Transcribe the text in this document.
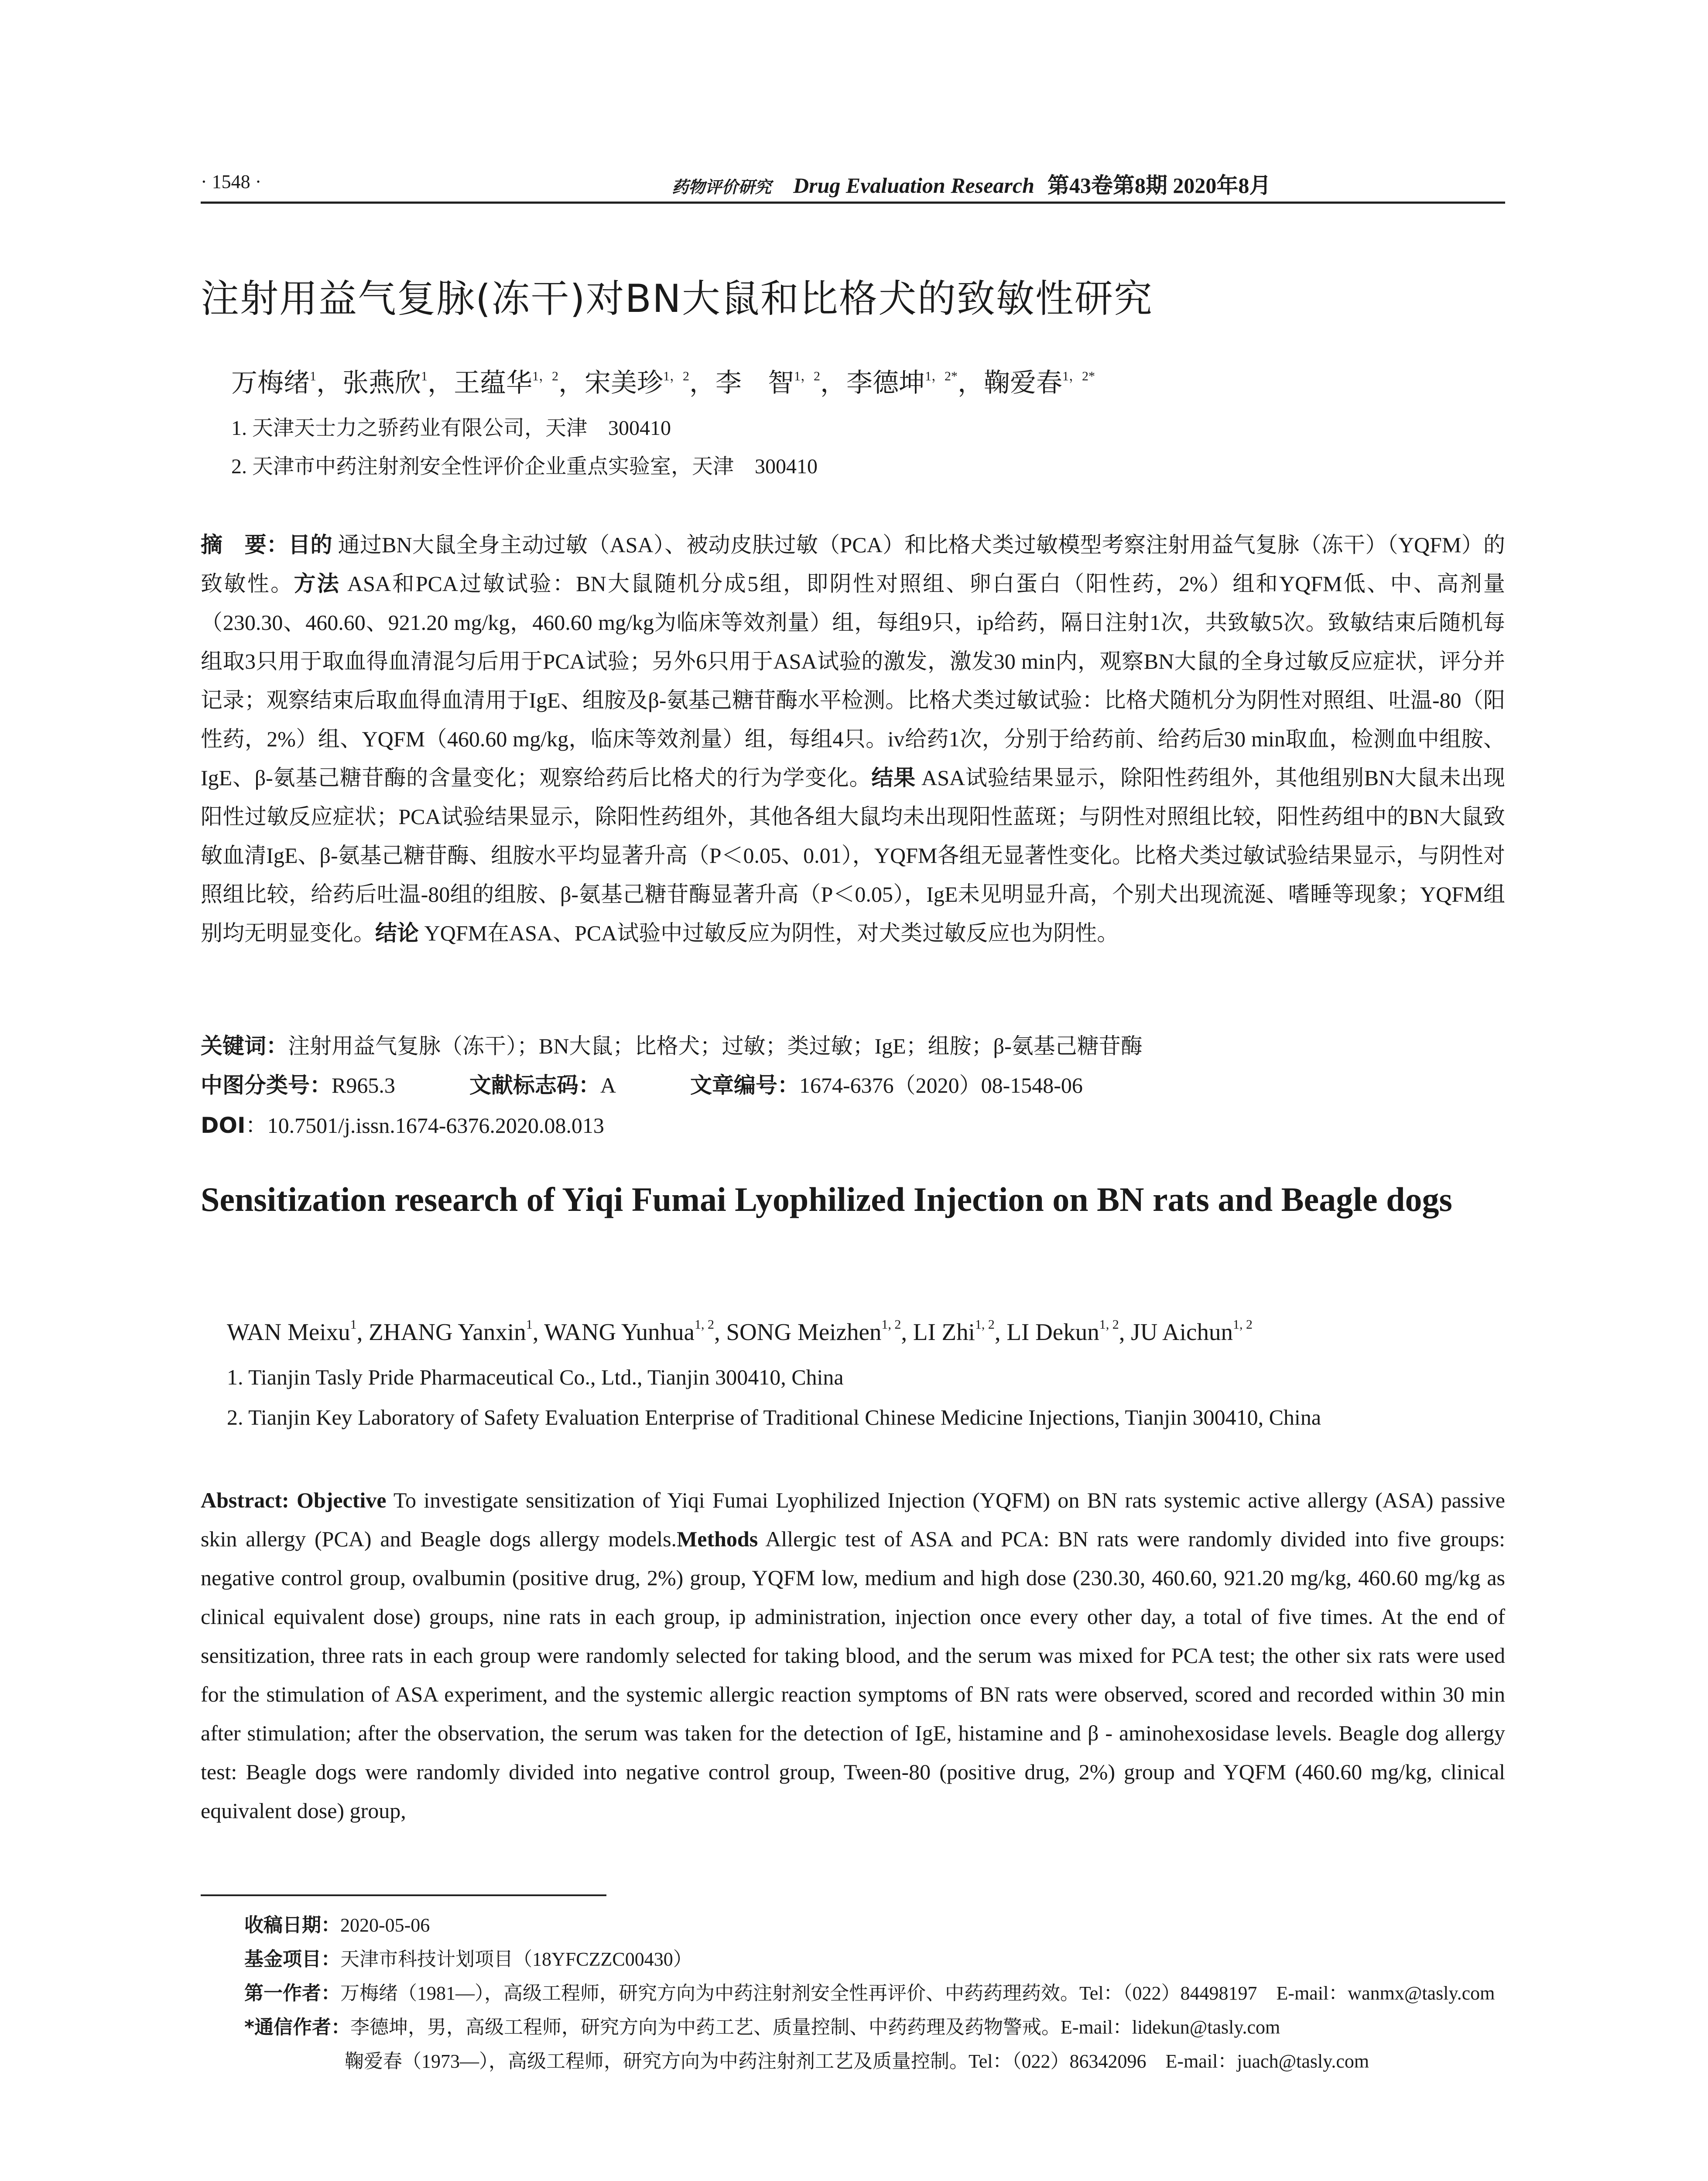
· 1548 ·	药物评价研究 Drug Evaluation Research 第43卷第8期 2020年8月
注射用益气复脉(冻干)对BN大鼠和比格犬的致敏性研究
万梅绪$^1$，张燕欣$^1$，王蕴华$^{1,2}$，宋美珍$^{1,2}$，李　智$^{1,2}$，李德坤$^{1,2*}$，鞠爱春$^{1,2*}$
1. 天津天士力之骄药业有限公司，天津　300410
2. 天津市中药注射剂安全性评价企业重点实验室，天津　300410
摘　要：目的 通过BN大鼠全身主动过敏（ASA）、被动皮肤过敏（PCA）和比格犬类过敏模型考察注射用益气复脉（冻干）（YQFM）的致敏性。方法 ASA和PCA过敏试验：BN大鼠随机分成5组，即阴性对照组、卵白蛋白（阳性药，2%）组和YQFM低、中、高剂量（230.30、460.60、921.20 mg/kg，460.60 mg/kg为临床等效剂量）组，每组9只，ip给药，隔日注射1次，共致敏5次。致敏结束后随机每组取3只用于取血得血清混匀后用于PCA试验；另外6只用于ASA试验的激发，激发30 min内，观察BN大鼠的全身过敏反应症状，评分并记录；观察结束后取血得血清用于IgE、组胺及β-氨基己糖苷酶水平检测。比格犬类过敏试验：比格犬随机分为阴性对照组、吐温-80（阳性药，2%）组、YQFM（460.60 mg/kg，临床等效剂量）组，每组4只。iv给药1次，分别于给药前、给药后30 min取血，检测血中组胺、IgE、β-氨基己糖苷酶的含量变化；观察给药后比格犬的行为学变化。结果 ASA试验结果显示，除阳性药组外，其他组别BN大鼠未出现阳性过敏反应症状；PCA试验结果显示，除阳性药组外，其他各组大鼠均未出现阳性蓝斑；与阴性对照组比较，阳性药组中的BN大鼠致敏血清IgE、β-氨基己糖苷酶、组胺水平均显著升高（P＜0.05、0.01），YQFM各组无显著性变化。比格犬类过敏试验结果显示，与阴性对照组比较，给药后吐温-80组的组胺、β-氨基己糖苷酶显著升高（P＜0.05），IgE未见明显升高，个别犬出现流涎、嗜睡等现象；YQFM组别均无明显变化。结论 YQFM在ASA、PCA试验中过敏反应为阴性，对犬类过敏反应也为阴性。
关键词：注射用益气复脉（冻干）；BN大鼠；比格犬；过敏；类过敏；IgE；组胺；β-氨基己糖苷酶
中图分类号：R965.3	文献标志码：A	文章编号：1674-6376（2020）08-1548-06
DOI：10.7501/j.issn.1674-6376.2020.08.013
Sensitization research of Yiqi Fumai Lyophilized Injection on BN rats and Beagle dogs
WAN Meixu$^1$, ZHANG Yanxin$^1$, WANG Yunhua$^{1, 2}$, SONG Meizhen$^{1, 2}$, LI Zhi$^{1, 2}$, LI Dekun$^{1, 2}$, JU Aichun$^{1, 2}$
1. Tianjin Tasly Pride Pharmaceutical Co., Ltd., Tianjin 300410, China
2. Tianjin Key Laboratory of Safety Evaluation Enterprise of Traditional Chinese Medicine Injections, Tianjin 300410, China
Abstract: Objective To investigate sensitization of Yiqi Fumai Lyophilized Injection (YQFM) on BN rats systemic active allergy (ASA) passive skin allergy (PCA) and Beagle dogs allergy models.Methods Allergic test of ASA and PCA: BN rats were randomly divided into five groups: negative control group, ovalbumin (positive drug, 2%) group, YQFM low, medium and high dose (230.30, 460.60, 921.20 mg/kg, 460.60 mg/kg as clinical equivalent dose) groups, nine rats in each group, ip administration, injection once every other day, a total of five times. At the end of sensitization, three rats in each group were randomly selected for taking blood, and the serum was mixed for PCA test; the other six rats were used for the stimulation of ASA experiment, and the systemic allergic reaction symptoms of BN rats were observed, scored and recorded within 30 min after stimulation; after the observation, the serum was taken for the detection of IgE, histamine and β - aminohexosidase levels. Beagle dog allergy test: Beagle dogs were randomly divided into negative control group, Tween-80 (positive drug, 2%) group and YQFM (460.60 mg/kg, clinical equivalent dose) group,
收稿日期：2020-05-06
基金项目：天津市科技计划项目（18YFCZZC00430）
第一作者：万梅绪（1981—），高级工程师，研究方向为中药注射剂安全性再评价、中药药理药效。Tel：（022）84498197　E-mail：wanmx@tasly.com
*通信作者：李德坤，男，高级工程师，研究方向为中药工艺、质量控制、中药药理及药物警戒。E-mail：lidekun@tasly.com
鞠爱春（1973—），高级工程师，研究方向为中药注射剂工艺及质量控制。Tel：（022）86342096　E-mail：juach@tasly.com
